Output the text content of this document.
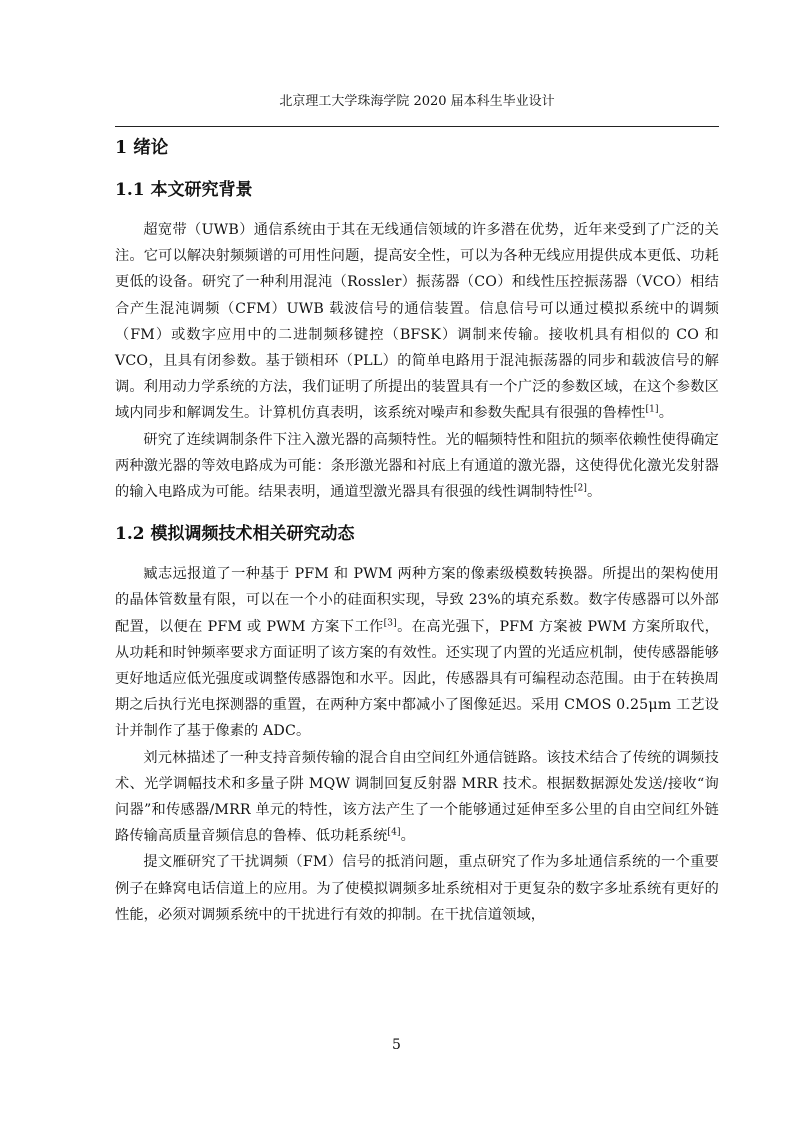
北京理工大学珠海学院 2020 届本科生毕业设计
1 绪论
1.1 本文研究背景

超宽带（UWB）通信系统由于其在无线通信领域的许多潜在优势，近年来受到了广泛的关注。它可以解决射频频谱的可用性问题，提高安全性，可以为各种无线应用提供成本更低、功耗更低的设备。研究了一种利用混沌（Rossler）振荡器（CO）和线性压控振荡器（VCO）相结合产生混沌调频（CFM）UWB 载波信号的通信装置。信息信号可以通过模拟系统中的调频（FM）或数字应用中的二进制频移键控（BFSK）调制来传输。接收机具有相似的 CO 和 VCO，且具有闭参数。基于锁相环（PLL）的简单电路用于混沌振荡器的同步和载波信号的解调。利用动力学系统的方法，我们证明了所提出的装置具有一个广泛的参数区域，在这个参数区域内同步和解调发生。计算机仿真表明，该系统对噪声和参数失配具有很强的鲁棒性[1]。

研究了连续调制条件下注入激光器的高频特性。光的幅频特性和阻抗的频率依赖性使得确定两种激光器的等效电路成为可能：条形激光器和衬底上有通道的激光器，这使得优化激光发射器的输入电路成为可能。结果表明，通道型激光器具有很强的线性调制特性[2]。

1.2 模拟调频技术相关研究动态

臧志远报道了一种基于 PFM 和 PWM 两种方案的像素级模数转换器。所提出的架构使用的晶体管数量有限，可以在一个小的硅面积实现，导致 23%的填充系数。数字传感器可以外部配置，以便在 PFM 或 PWM 方案下工作[3]。在高光强下，PFM 方案被 PWM 方案所取代，从功耗和时钟频率要求方面证明了该方案的有效性。还实现了内置的光适应机制，使传感器能够更好地适应低光强度或调整传感器饱和水平。因此，传感器具有可编程动态范围。由于在转换周期之后执行光电探测器的重置，在两种方案中都减小了图像延迟。采用 CMOS 0.25μm 工艺设计并制作了基于像素的 ADC。

刘元林描述了一种支持音频传输的混合自由空间红外通信链路。该技术结合了传统的调频技术、光学调幅技术和多量子阱 MQW 调制回复反射器 MRR 技术。根据数据源处发送/接收“询问器”和传感器/MRR 单元的特性，该方法产生了一个能够通过延伸至多公里的自由空间红外链路传输高质量音频信息的鲁棒、低功耗系统[4]。

提文雁研究了干扰调频（FM）信号的抵消问题，重点研究了作为多址通信系统的一个重要例子在蜂窝电话信道上的应用。为了使模拟调频多址系统相对于更复杂的数字多址系统有更好的性能，必须对调频系统中的干扰进行有效的抑制。在干扰信道领域，

5
